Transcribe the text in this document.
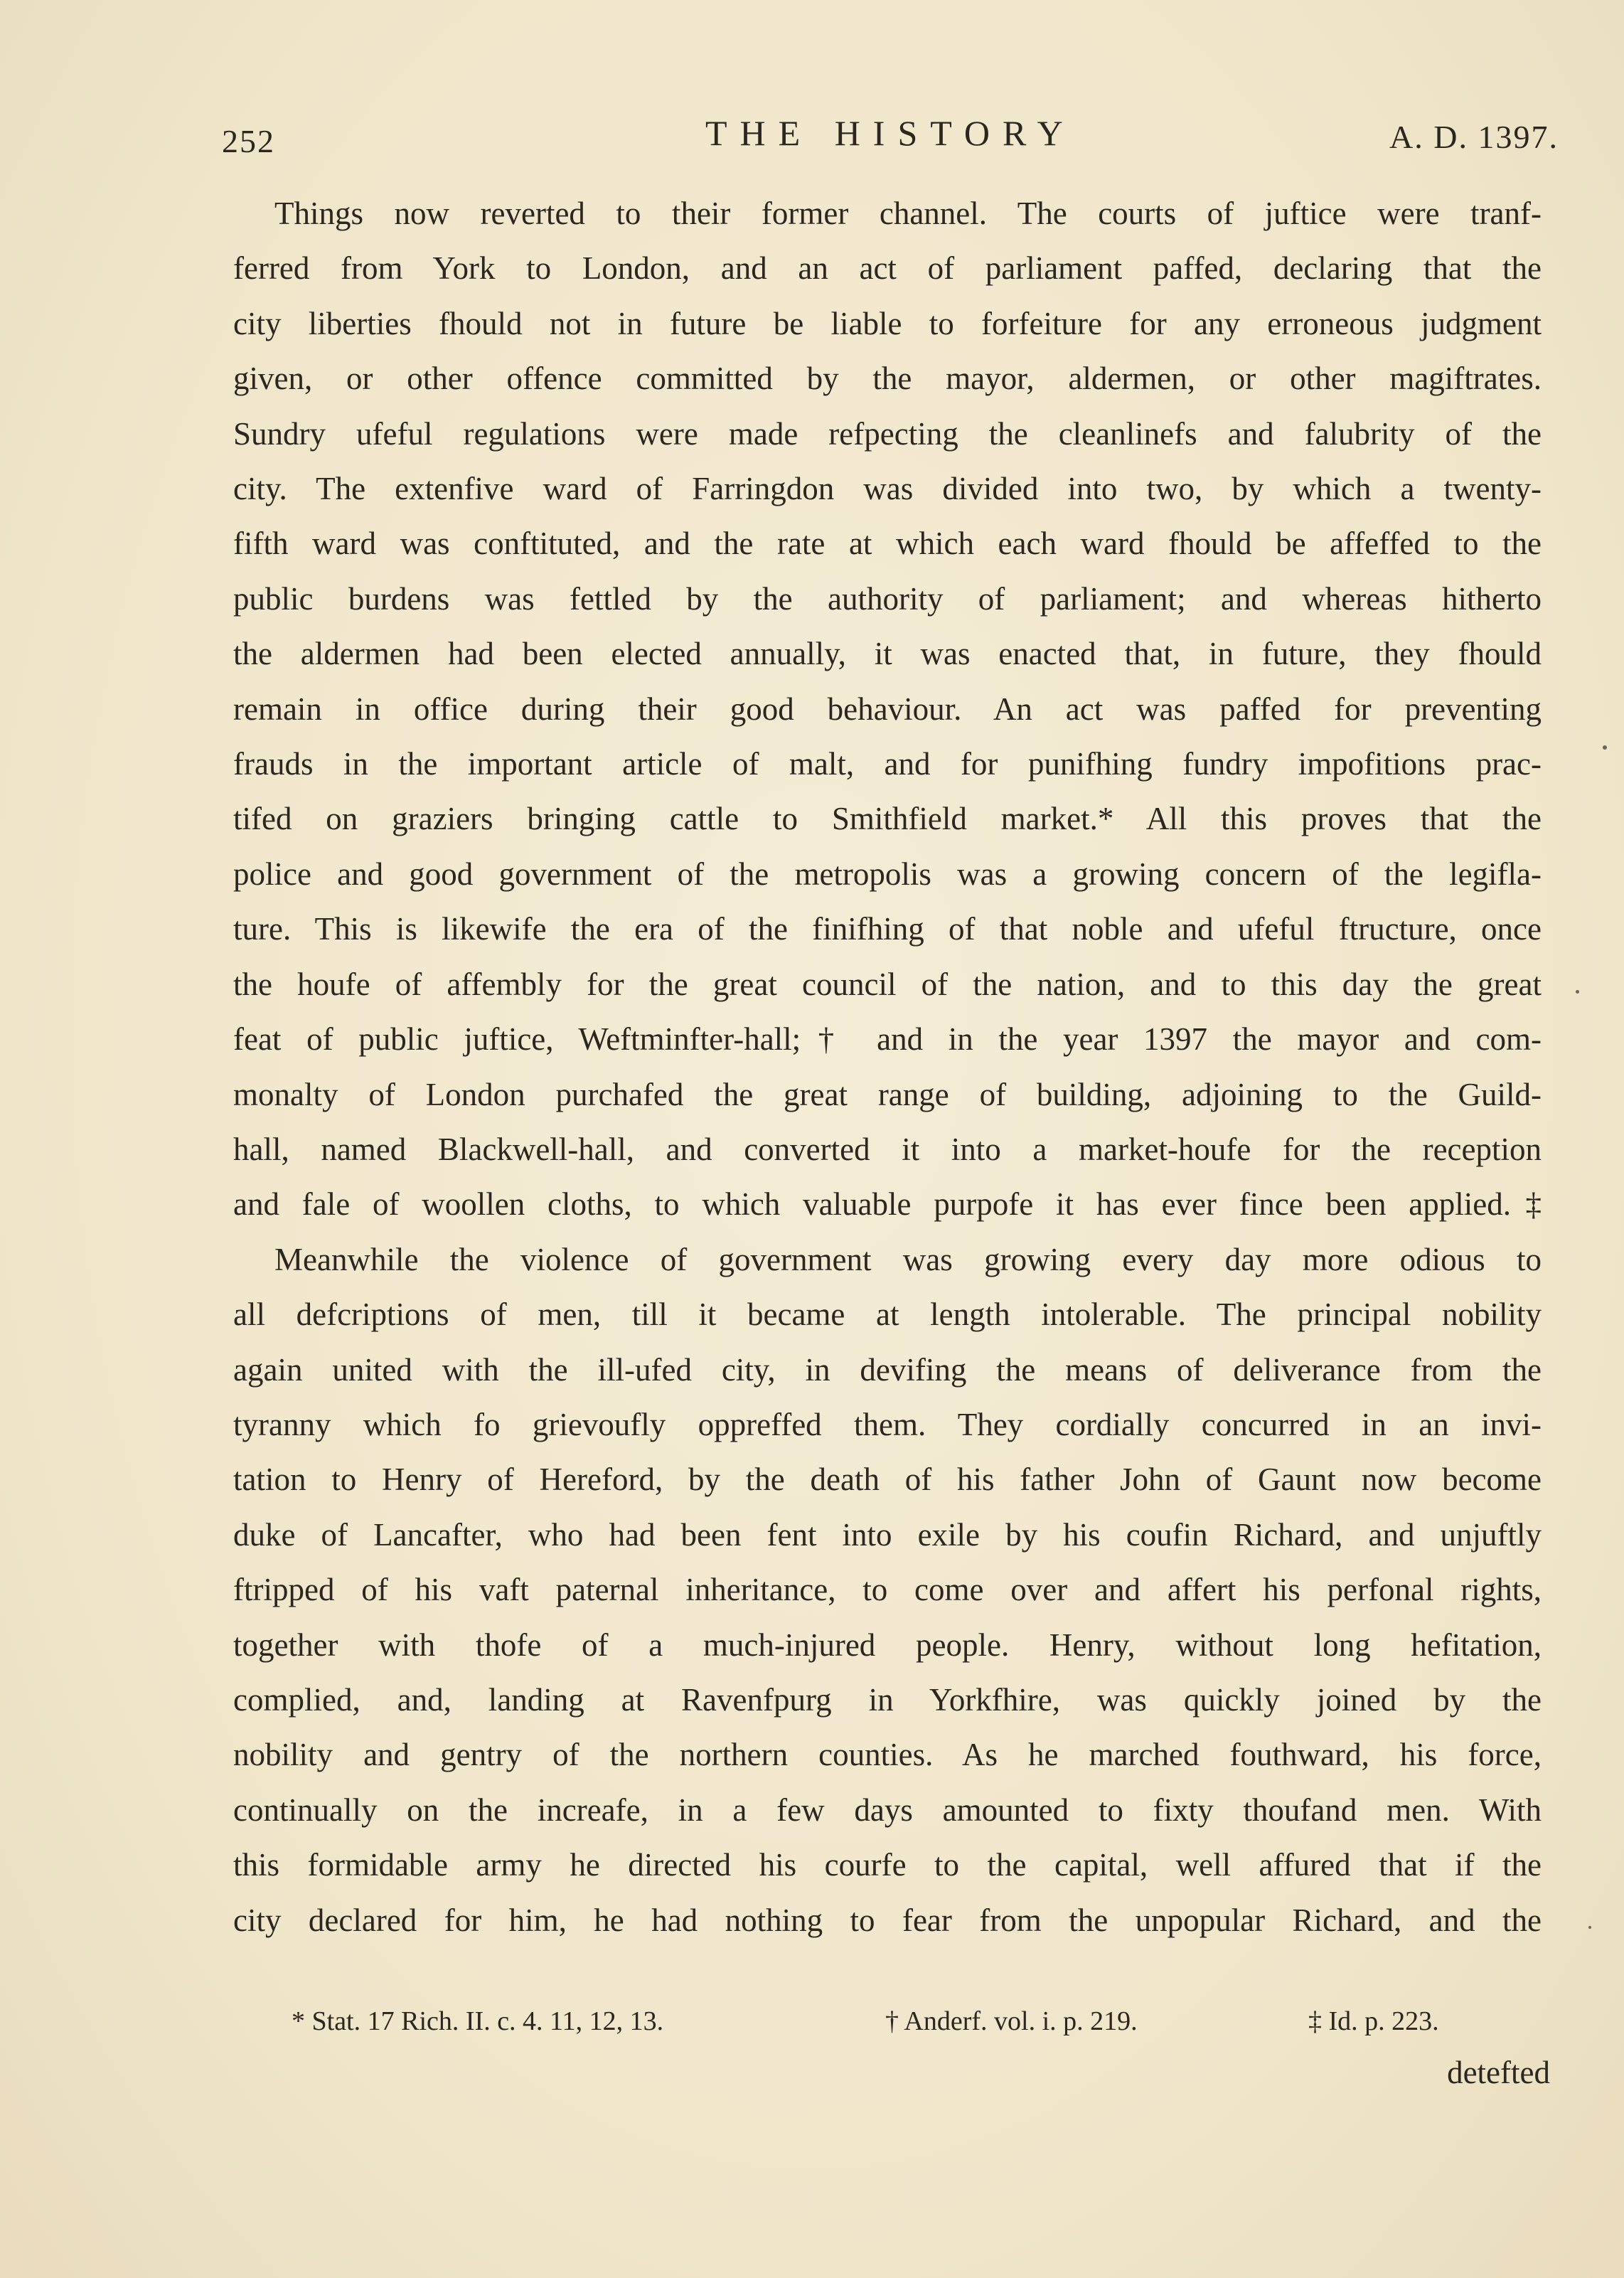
252	THE HISTORY	A. D. 1397.
Things now reverted to their former channel. The courts of juftice were tranf-
ferred from York to London, and an act of parliament paffed, declaring that the
city liberties fhould not in future be liable to forfeiture for any erroneous judgment
given, or other offence committed by the mayor, aldermen, or other magiftrates.
Sundry ufeful regulations were made refpecting the cleanlinefs and falubrity of the
city. The extenfive ward of Farringdon was divided into two, by which a twenty-
fifth ward was conftituted, and the rate at which each ward fhould be affeffed to the
public burdens was fettled by the authority of parliament; and whereas hitherto
the aldermen had been elected annually, it was enacted that, in future, they fhould
remain in office during their good behaviour. An act was paffed for preventing
frauds in the important article of malt, and for punifhing fundry impofitions prac-
tifed on graziers bringing cattle to Smithfield market.* All this proves that the
police and good government of the metropolis was a growing concern of the legifla-
ture. This is likewife the era of the finifhing of that noble and ufeful ftructure, once
the houfe of affembly for the great council of the nation, and to this day the great
feat of public juftice, Weftminfter-hall;† and in the year 1397 the mayor and com-
monalty of London purchafed the great range of building, adjoining to the Guild-
hall, named Blackwell-hall, and converted it into a market-houfe for the reception
and fale of woollen cloths, to which valuable purpofe it has ever fince been applied.‡
Meanwhile the violence of government was growing every day more odious to
all defcriptions of men, till it became at length intolerable. The principal nobility
again united with the ill-ufed city, in devifing the means of deliverance from the
tyranny which fo grievoufly oppreffed them. They cordially concurred in an invi-
tation to Henry of Hereford, by the death of his father John of Gaunt now become
duke of Lancafter, who had been fent into exile by his coufin Richard, and unjuftly
ftripped of his vaft paternal inheritance, to come over and affert his perfonal rights,
together with thofe of a much-injured people. Henry, without long hefitation,
complied, and, landing at Ravenfpurg in Yorkfhire, was quickly joined by the
nobility and gentry of the northern counties. As he marched fouthward, his force,
continually on the increafe, in a few days amounted to fixty thoufand men. With
this formidable army he directed his courfe to the capital, well affured that if the
city declared for him, he had nothing to fear from the unpopular Richard, and the
* Stat. 17 Rich. II. c. 4. 11, 12, 13.	† Anderf. vol. i. p. 219.	‡ Id. p. 223.
detefted
